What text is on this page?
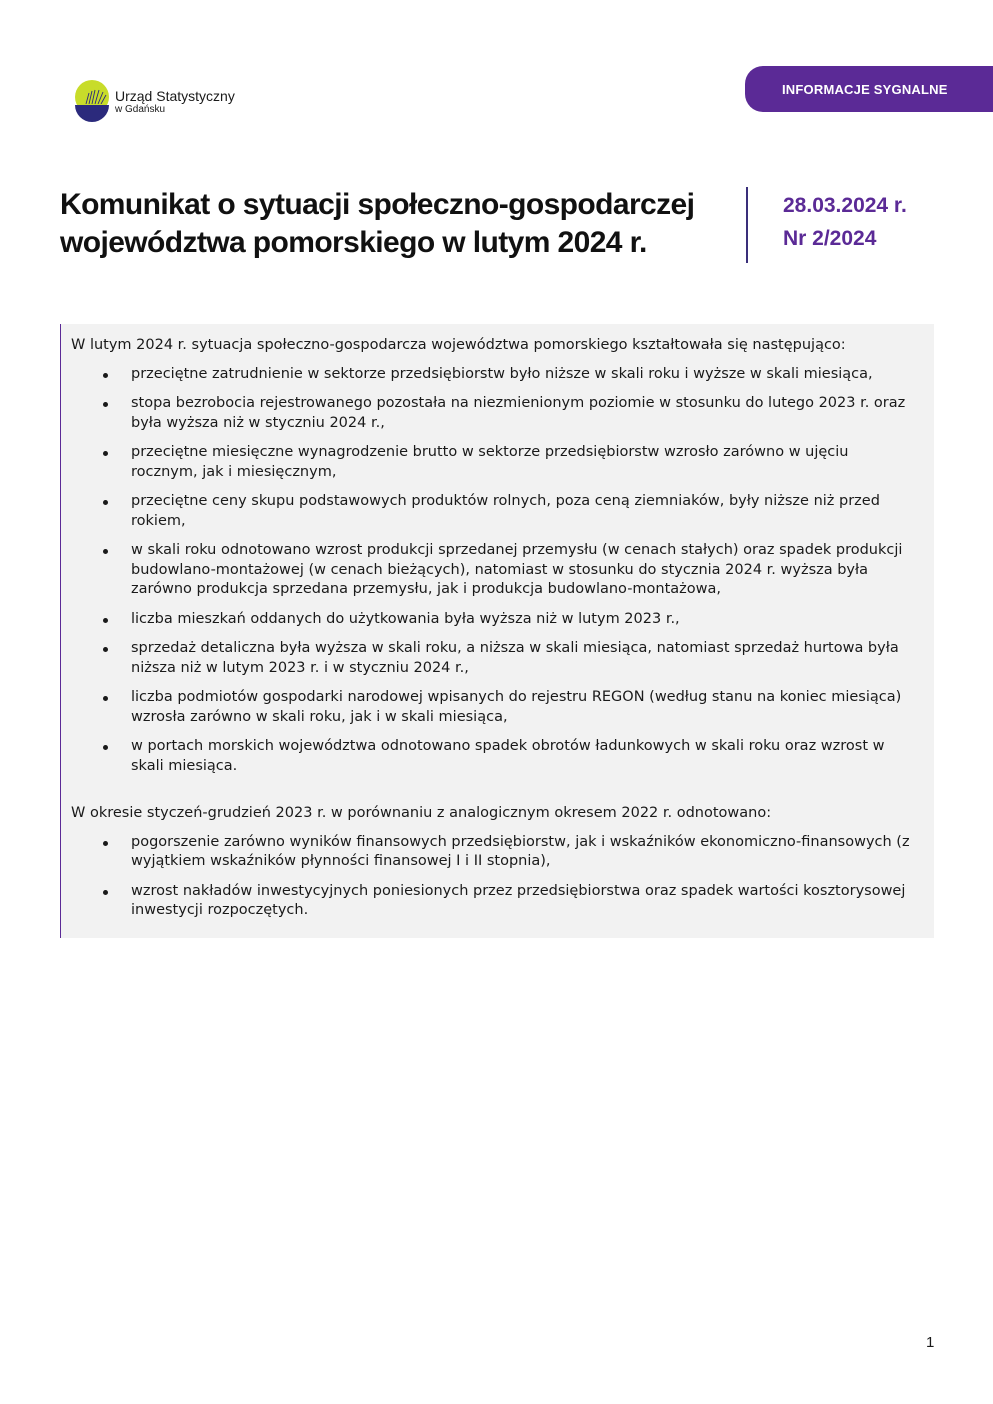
Urząd Statystyczny
w Gdańsku
INFORMACJE SYGNALNE
Komunikat o sytuacji społeczno-gospodarczej
województwa pomorskiego w lutym 2024 r.
28.03.2024 r.
Nr 2/2024

W lutym 2024 r. sytuacja społeczno-gospodarcza województwa pomorskiego kształtowała się następująco:

przeciętne zatrudnienie w sektorze przedsiębiorstw było niższe w skali roku i wyższe w skali miesiąca,
stopa bezrobocia rejestrowanego pozostała na niezmienionym poziomie w stosunku do lutego 2023 r. oraz była wyższa niż w styczniu 2024 r.,
przeciętne miesięczne wynagrodzenie brutto w sektorze przedsiębiorstw wzrosło zarówno w ujęciu rocznym, jak i miesięcznym,
przeciętne ceny skupu podstawowych produktów rolnych, poza ceną ziemniaków, były niższe niż przed rokiem,
w skali roku odnotowano wzrost produkcji sprzedanej przemysłu (w cenach stałych) oraz spadek produkcji budowlano-montażowej (w cenach bieżących), natomiast w stosunku do stycznia 2024 r. wyższa była zarówno produkcja sprzedana przemysłu, jak i produkcja budowlano-montażowa,
liczba mieszkań oddanych do użytkowania była wyższa niż w lutym 2023 r.,
sprzedaż detaliczna była wyższa w skali roku, a niższa w skali miesiąca, natomiast sprzedaż hurtowa była niższa niż w lutym 2023 r. i w styczniu 2024 r.,
liczba podmiotów gospodarki narodowej wpisanych do rejestru REGON (według stanu na koniec miesiąca) wzrosła zarówno w skali roku, jak i w skali miesiąca,
w portach morskich województwa odnotowano spadek obrotów ładunkowych w skali roku oraz wzrost w skali miesiąca.

W okresie styczeń-grudzień 2023 r. w porównaniu z analogicznym okresem 2022 r. odnotowano:

pogorszenie zarówno wyników finansowych przedsiębiorstw, jak i wskaźników ekonomiczno-finansowych (z wyjątkiem wskaźników płynności finansowej I i II stopnia),
wzrost nakładów inwestycyjnych poniesionych przez przedsiębiorstwa oraz spadek wartości kosztorysowej inwestycji rozpoczętych.
1
